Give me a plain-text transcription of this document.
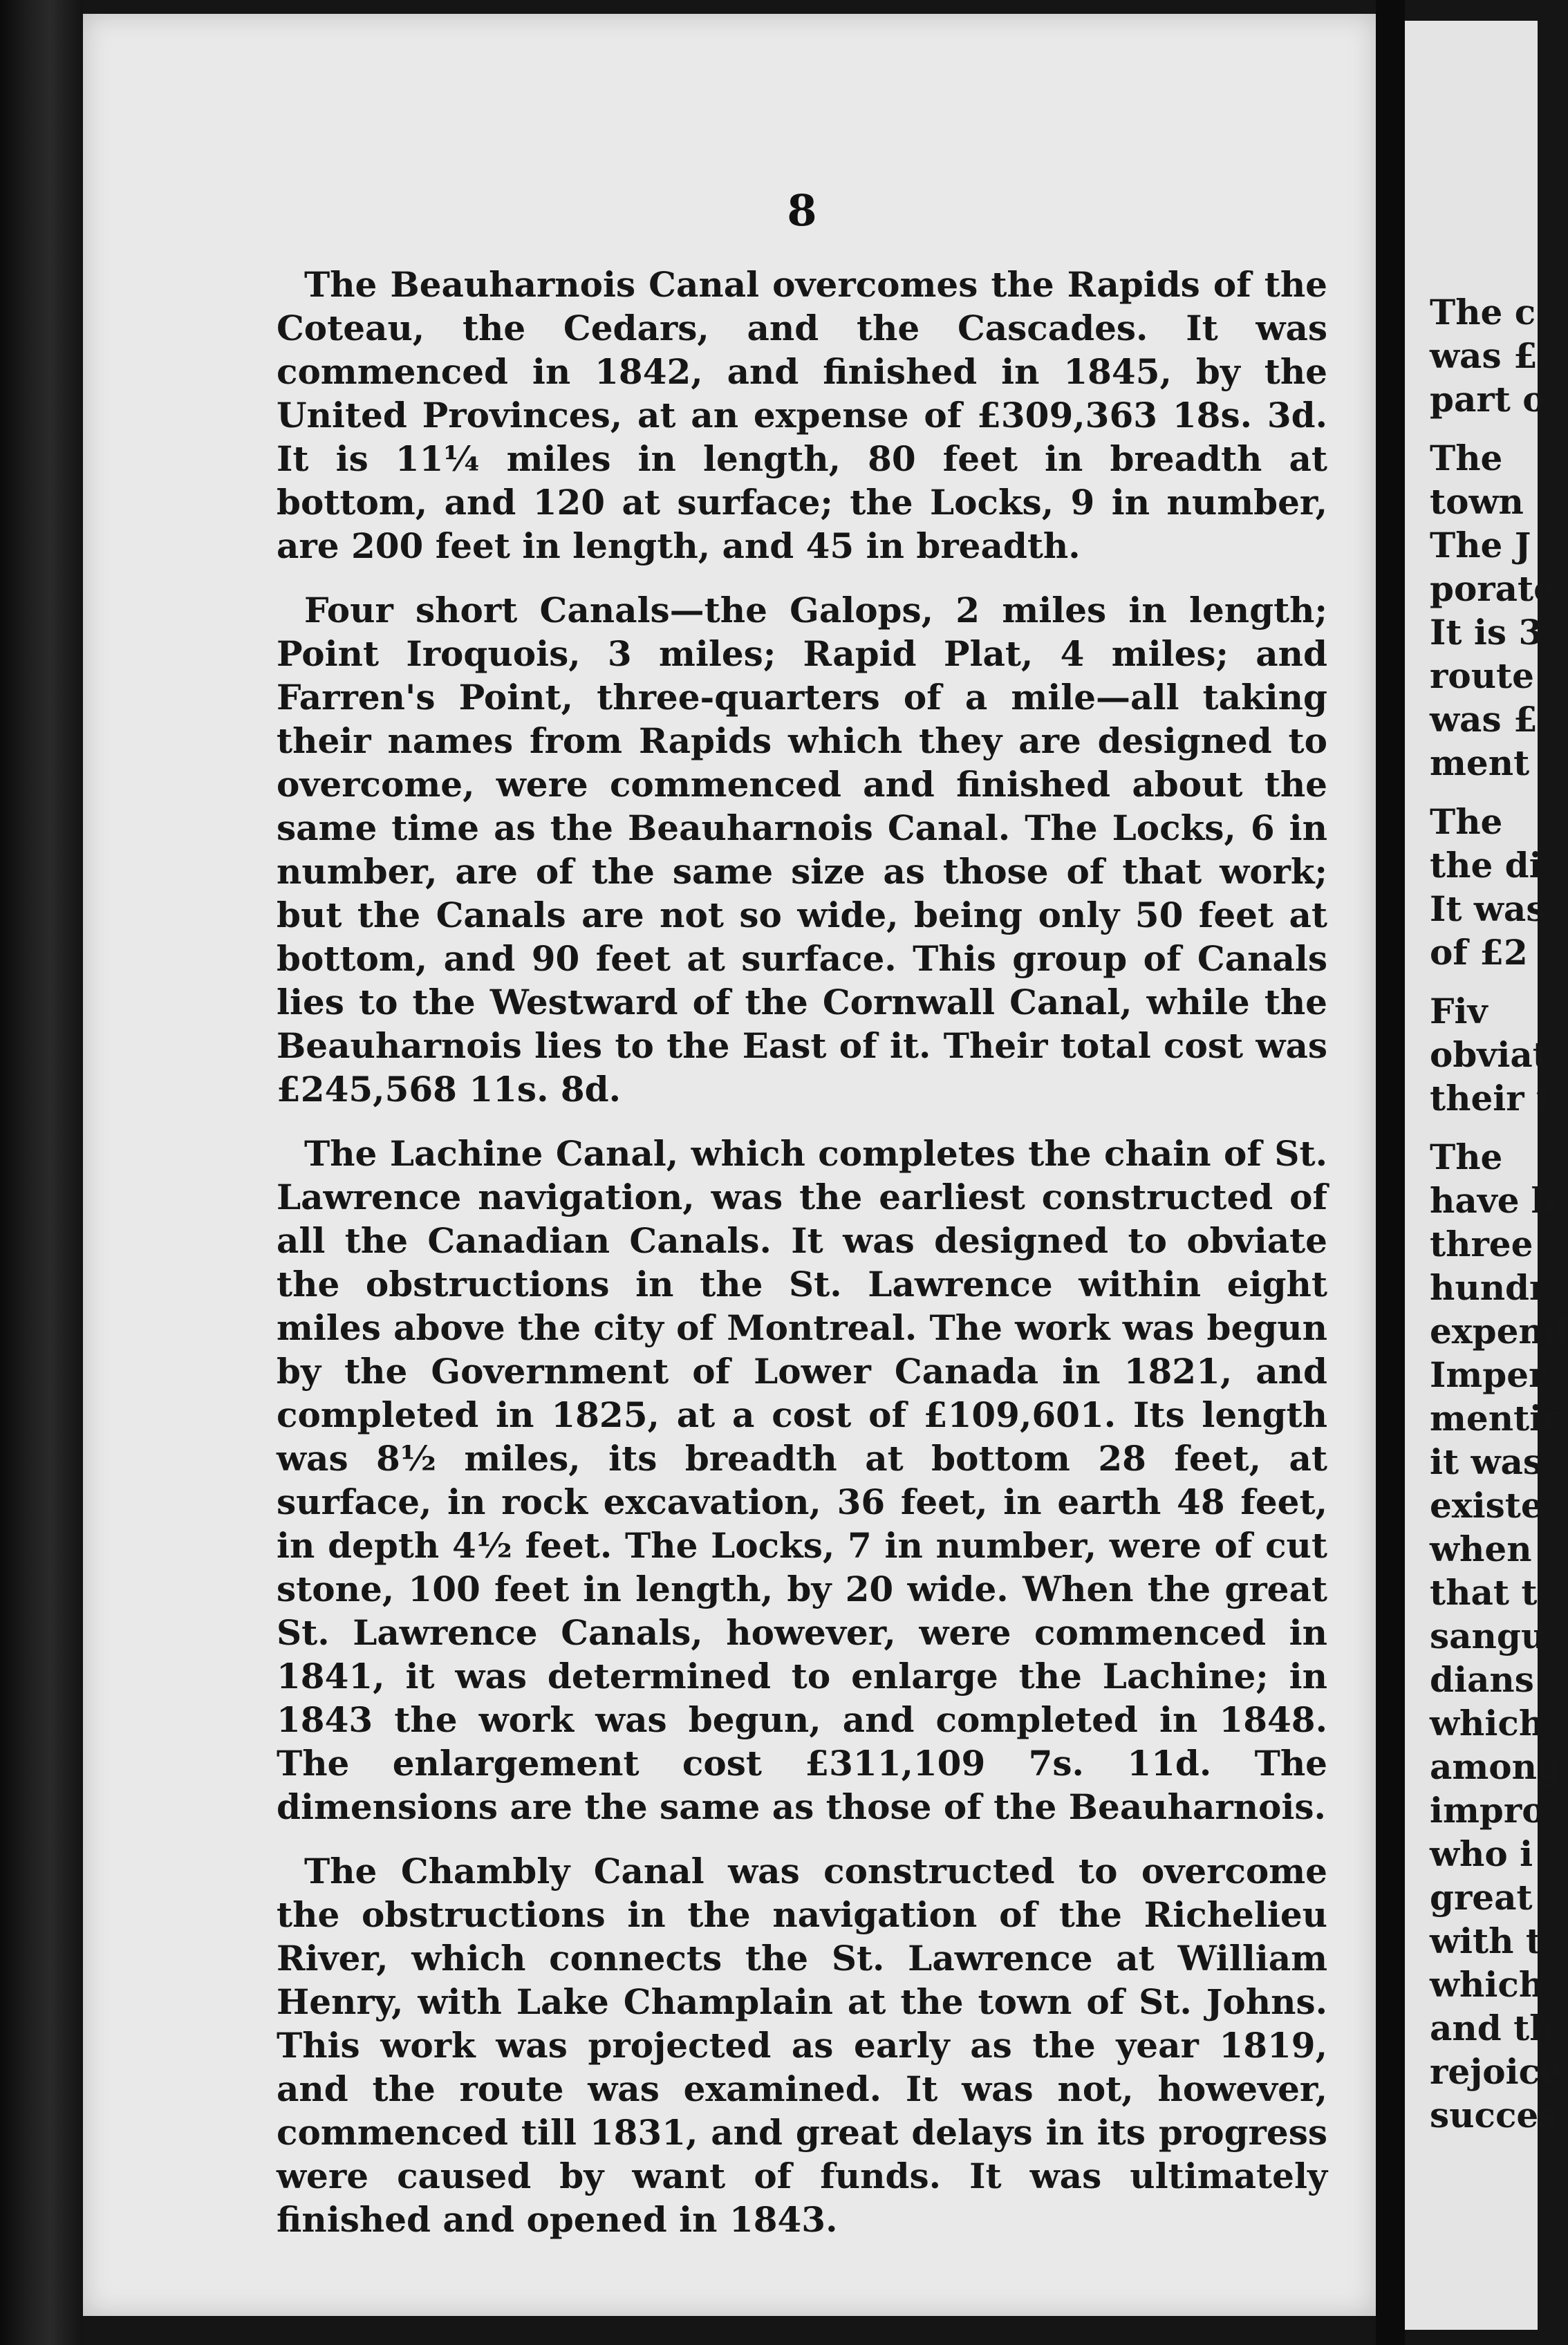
8

The Beauharnois Canal overcomes the Rapids of the Coteau, the Cedars, and the Cascades. It was commenced in 1842, and finished in 1845, by the United Provinces, at an expense of £309,363 18s. 3d. It is 11¼ miles in length, 80 feet in breadth at bottom, and 120 at surface; the Locks, 9 in number, are 200 feet in length, and 45 in breadth.

Four short Canals—the Galops, 2 miles in length; Point Iroquois, 3 miles; Rapid Plat, 4 miles; and Farren's Point, three-quarters of a mile—all taking their names from Rapids which they are designed to overcome, were commenced and finished about the same time as the Beauharnois Canal. The Locks, 6 in number, are of the same size as those of that work; but the Canals are not so wide, being only 50 feet at bottom, and 90 feet at surface. This group of Canals lies to the Westward of the Cornwall Canal, while the Beauharnois lies to the East of it. Their total cost was £245,568 11s. 8d.

The Lachine Canal, which completes the chain of St. Lawrence navigation, was the earliest constructed of all the Canadian Canals. It was designed to obviate the obstructions in the St. Lawrence within eight miles above the city of Montreal. The work was begun by the Government of Lower Canada in 1821, and completed in 1825, at a cost of £109,601. Its length was 8½ miles, its breadth at bottom 28 feet, at surface, in rock excavation, 36 feet, in earth 48 feet, in depth 4½ feet. The Locks, 7 in number, were of cut stone, 100 feet in length, by 20 wide. When the great St. Lawrence Canals, however, were commenced in 1841, it was determined to enlarge the Lachine; in 1843 the work was begun, and completed in 1848. The enlargement cost £311,109 7s. 11d. The dimensions are the same as those of the Beauharnois.

The Chambly Canal was constructed to overcome the obstructions in the navigation of the Richelieu River, which connects the St. Lawrence at William Henry, with Lake Champlain at the town of St. Johns. This work was projected as early as the year 1819, and the route was examined. It was not, however, commenced till 1831, and great delays in its progress were caused by want of funds. It was ultimately finished and opened in 1843.

The c
was £
part o
The
town
The J
porate
It is 3
route
was £
ment
The
the di
It was
of £2
Fiv
obviat
their t
The
have b
three
hundr
expend
Imper
mentic
it was
existe
when
that t
sangu
dians
which
among
impro
who i
great
with t
which
and th
rejoice
succes
